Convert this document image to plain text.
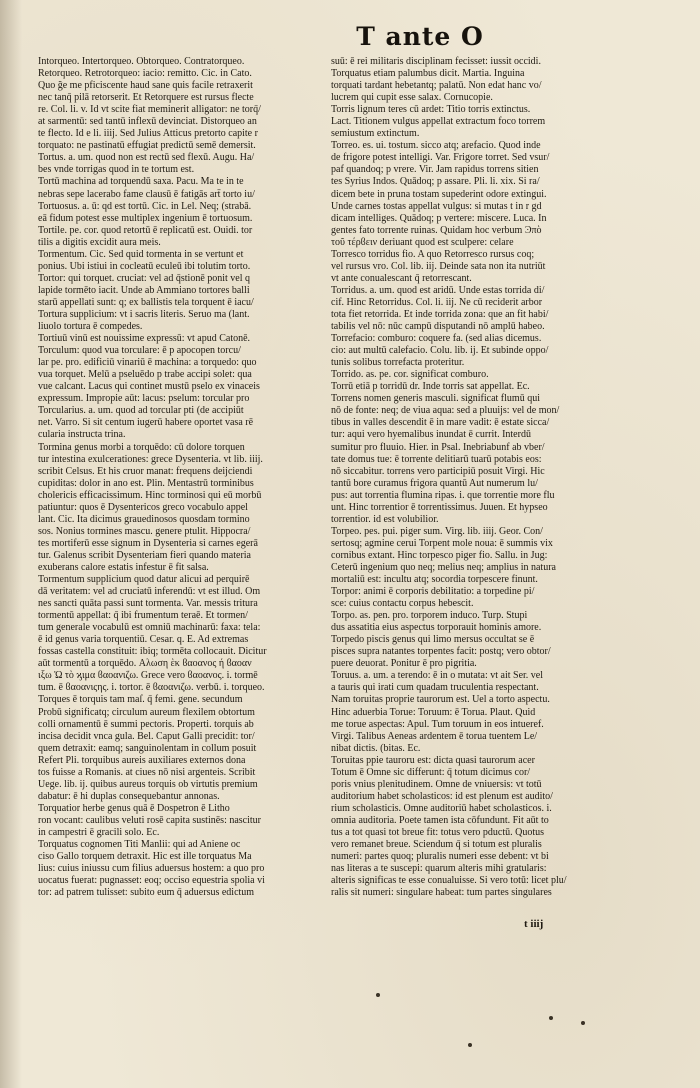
T ante O
Intorqueo. Intertorqueo. Obtorqueo. Contratorqueo.
Retorqueo. Retrotorqueo: iacio: remitto. Cic. in Cato.
Quo ğe me pficiscente haud sane quis facile retraxerit
nec tanq̄ pilā retorserit. Et Retorquere est rursus flecte
re. Col. li. v. Id vt scite fiat meminerit alligator: ne torq̄/
at sarmentū: sed tantū inflexū devinciat. Distorqueo an
te flecto. Id e li. iiij. Sed Julius Atticus pretorto capite r
torquato: ne pastinatū effugiat predictū semē demersit.
Tortus. a. um. quod non est rectū sed flexū. Augu. Ha/
bes vnde torrigas quod in te tortum est.
Tortū machina ad torquendū saxa. Pacu. Ma te in te
nebras sepe lacerabo fame clausū ē fatigās art̄ torto iu/
Tortuosus. a. ū: qd est tortū. Cic. in Lel. Neq; (strabā.
eā fidum potest esse multiplex ingenium ē tortuosum.
Tortile. pe. cor. quod retortū ē replicatū est. Ouidi. tor
tilis a digitis excidit aura meis.
Tormentum. Cic. Sed quid tormenta in se vertunt et
ponius. Ubi istiui in cocleatū eculeū ibi tolutim torto.
Tortor: qui torquet. cruciat: vel ad q̄stionē ponit vel q
lapide tormēto iacit. Unde ab Ammiano tortores balli
starū appellati sunt: q; ex ballistis tela torquent ē iacu/
Tortura supplicium: vt i sacris literis. Seruo ma (lant.
liuolo tortura ē compedes.
Tortiuū vinū est nouissime expressū: vt apud Catonē.
Torculum: quod vua torculare: ē p apocopen torcu/
lar pe. pro. edificiū vinariū ē machina: a torquedo: quo
vua torquet. Melū a pseluēdo p trabe accipi solet: qua
vue calcant. Lacus qui continet mustū pselo ex vinaceis
expressum. Impropie aūt: lacus: pselum: torcular pro
Torcularius. a. um. quod ad torcular pti (de accipiūt
net. Varro. Si sit centum iugerū habere oportet vasa rē
cularia instructa trina.
Tormina genus morbi a torquēdo: cū dolore torquen
tur intestina exulcerationes: grece Dysenteria. vt lib. iiij.
scribit Celsus. Et his cruor manat: frequens deijciendi
cupiditas: dolor in ano est. Plin. Mentastrū torminibus
cholericis efficacissimum. Hinc torminosi qui eū morbū
patiuntur: quos ē Dysentericos greco vocabulo appel
lant. Cic. Ita dicimus grauedinosos quosdam tormino
sos. Nonius tormines mascu. genere ptulit. Hippocra/
tes mortiferū esse signum in Dysenteria si carnes egerā
tur. Galenus scribit Dysenteriam fieri quando materia
exuberans calore estatis infestur ē fit salsa.
Tormentum supplicium quod datur alicui ad perquirē
dā veritatem: vel ad cruciatū inferendū: vt est illud. Om
nes sancti quāta passi sunt tormenta. Var. messis tritura
tormentū appellat: q̄ ibi frumentum teraē. Et tormen/
tum generale vocabulū est omniū machinarū: faxa: tela:
ē id genus varia torquentiū. Cesar. q. E. Ad extremas
fossas castella constituit: ibiq; tormēta collocauit. Dicitur
aūt tormentū a torquēdo. Αλωση ὲκ ϐαοανος ή ϐαοαν
ιξω Ὠ τὸ ϗιμα ϐαοανιζω. Grece vero ϐαοανος. i. tormē
tum. ē ϐαοανιςης. i. tortor. ē ϐαοανιζω. verbū. i. torqueo.
Torques ē torquis tam maſ. q̄ femi. gene. secundum
Probū significatq; circulum aureum flexilem obtortum
colli ornamentū ē summi pectoris. Properti. torquis ab
incisa decidit vnca gula. Bel. Caput Galli precidit: tor/
quem detraxit: eamq; sanguinolentam in collum posuit
Refert Pli. torquibus aureis auxiliares externos dona
tos fuisse a Romanis. at ciues nō nisi argenteis. Scribit
Uege. lib. ij. quibus aureus torquis ob virtutis premium
dabatur: ē hi duplas consequebantur annonas.
Torquatior herbe genus quā ē Dospetron ē Litho
ron vocant: caulibus veluti rosē capita sustinēs: nascitur
in campestri ē gracili solo. Ec.
Torquatus cognomen Titi Manlii: qui ad Aniene oc
ciso Gallo torquem detraxit. Hic est ille torquatus Ma
lius: cuius iniussu cum filius aduersus hostem: a quo pro
uocatus fuerat: pugnasset: eoq; occiso equestria spolia vi
tor: ad patrem tulisset: subito eum q̄ aduersus edictum
suū: ē rei militaris disciplinam fecisset: iussit occidi.
Torquatus etiam palumbus dicit. Martia. Inguina
torquati tardant hebetantq; palatū. Non edat hanc vo/
lucrem qui cupit esse salax. Cornucopie.
Torris lignum teres cū ardet: Titio torris extinctus.
Lact. Titionem vulgus appellat extractum foco torrem
semiustum extinctum.
Torreo. es. ui. tostum. sicco atq; arefacio. Quod inde
de frigore potest intelligi. Var. Frigore torret. Sed vsur/
paf quandoq; p vrere. Vir. Jam rapidus torrens sitien
tes Syrius Indos. Quādoq; p assare. Pli. li. xix. Si ra/
dicem bete in pruna tostam supederint odore extingui.
Unde carnes tostas appellat vulgus: si mutas t in r gd
dicam intelliges. Quādoq; p vertere: miscere. Luca. In
gentes fato torrente ruinas. Quidam hoc verbum Ͽπὸ
τοῦ τέρϐειν deriuant quod est sculpere: celare
Torresco torridus fio. A quo Retorresco rursus coq;
vel rursus vro. Col. lib. iij. Deinde sata non ita nutriūt
vt ante conualescant q̄ retorrescant.
Torridus. a. um. quod est aridū. Unde estas torrida di/
cif. Hinc Retorridus. Col. li. iij. Ne cū reciderit arbor
tota fiet retorrida. Et inde torrida zona: que an fit habi/
tabilis vel nō: nūc campū disputandi nō amplū habeo.
Torrefacio: comburo: coquere fa. (sed alias dicemus.
cio: aut multū calefacio. Colu. lib. ij. Et subinde oppo/
tunis solibus torrefacta proteritur.
Torrido. as. pe. cor. significat comburo.
Torrū etiā p torridū dr. Inde torris sat appellat. Ec.
Torrens nomen generis masculi. significat flumū qui
nō de fonte: neq; de viua aqua: sed a pluuijs: vel de mon/
tibus in valles descendit ē in mare vadit: ē estate sicca/
tur: aqui vero hyemalibus inundat ē currit. Interdū
sumitur pro fluuio. Hier. in Psal. Inebriabunf ab vber/
tate domus tue: ē torrente delitiarū tuarū potabis eos:
nō siccabitur. torrens vero participiū posuit Virgi. Hic
tantū bore curamus frigora quantū Aut numerum lu/
pus: aut torrentia flumina ripas. i. que torrentie more flu
unt. Hinc torrentior ē torrentissimus. Juuen. Et hypseo
torrentior. id est volubilior.
Torpeo. pes. pui. piger sum. Virg. lib. iiij. Geor. Con/
sertosq; agmine cerui Torpent mole noua: ē summis vix
cornibus extant. Hinc torpesco piger fio. Sallu. in Jug:
Ceterū ingenium quo neq; melius neq; amplius in natura
mortaliū est: incultu atq; socordia torpescere finunt.
Torpor: animi ē corporis debilitatio: a torpedine pi/
sce: cuius contactu corpus hebescit.
Torpo. as. pen. pro. torporem induco. Turp. Stupi
dus assatitia eius aspectus torporauit hominis amore.
Torpedo piscis genus qui limo mersus occultat se ē
pisces supra natantes torpentes facit: postq; vero obtor/
puere deuorat. Ponitur ē pro pigritia.
Toruus. a. um. a terendo: ē in o mutata: vt ait Ser. vel
a tauris qui irati cum quadam truculentia respectant.
Nam toruitas proprie taurorum est. Uel a torto aspectu.
Hinc aduerbia Torue: Toruum: ē Torua. Plaut. Quid
me torue aspectas: Apul. Tum toruum in eos intueref.
Virgi. Talibus Aeneas ardentem ē torua tuentem Le/
nibat dictis. (bitas. Ec.
Toruitas ppie tauroru est: dicta quasi taurorum acer
Totum ē Omne sic differunt: q̄ totum dicimus cor/
poris vnius plenitudinem. Omne de vniuersis: vt totū
auditorium habet scholasticos: id est plenum est audito/
rium scholasticis. Omne auditoriū habet scholasticos. i.
omnia auditoria. Poete tamen ista cōfundunt. Fit aūt to
tus a tot quasi tot breue fit: totus vero pductū. Quotus
vero remanet breue. Sciendum q̄ si totum est pluralis
numeri: partes quoq; pluralis numeri esse debent: vt bi
nas literas a te suscepi: quarum alteris mihi gratularis:
alteris significas te esse conualuisse. Si vero totū: licet plu/
ralis sit numeri: singulare habeat: tum partes singulares
t iiij
